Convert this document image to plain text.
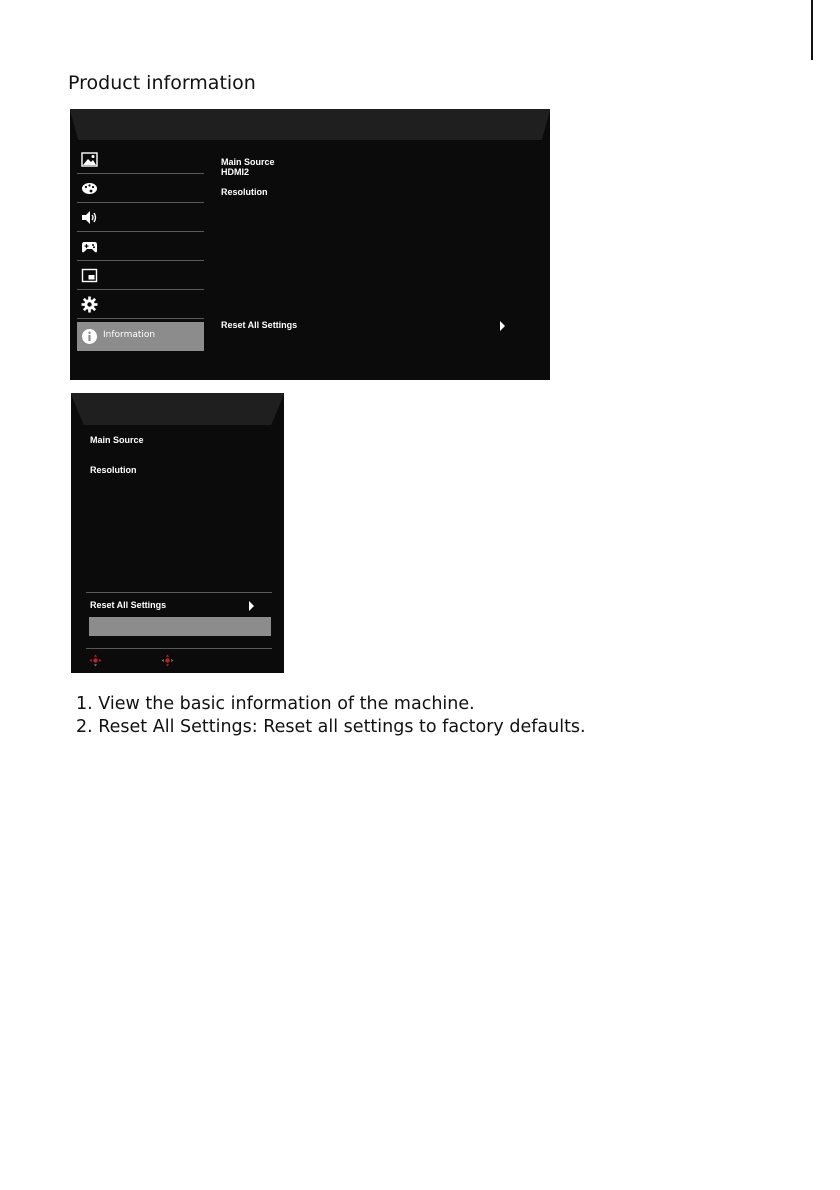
Product information
Information
Main Source
HDMI2
Resolution
Reset All Settings
Main Source
Resolution
Reset All Settings
1. View the basic information of the machine.
2. Reset All Settings: Reset all settings to factory defaults.
